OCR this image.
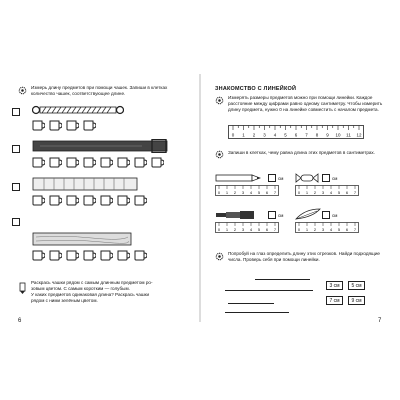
Измерь длину предметов при помощи чашек. Запиши в клетках количество чашек, соответствующее длине.
Раскрась чашки рядом с самым длинным предметом ро-
зовым цветом. С самым коротким — голубым.
У каких предметов одинаковая длина? Раскрась чашки
рядом с ними зелёным цветом.
6
ЗНАКОМСТВО С ЛИНЕЙКОЙ
Измерять размеры предметов можно при помощи линейки. Каждое расстояние между цифрами равно одному сантиметру. Чтобы измерить длину предмета, нужно 0 на линейке совместить с началом предмета.
0 1 2 3 4 5 6 7 8 9 10 11 12
Запиши в клетках, чему равна длина этих предметов в сантиметрах.
см
0 1 2 3 4 5 6 7
см
0 1 2 3 4 5 6 7
см
0 1 2 3 4 5 6 7
см
0 1 2 3 4 5 6 7
Попробуй на глаз определить длину этих отрезков. Найди подходящие числа. Проверь себя при помощи линейки.
3 см	5 см
7 см	9 см
7
